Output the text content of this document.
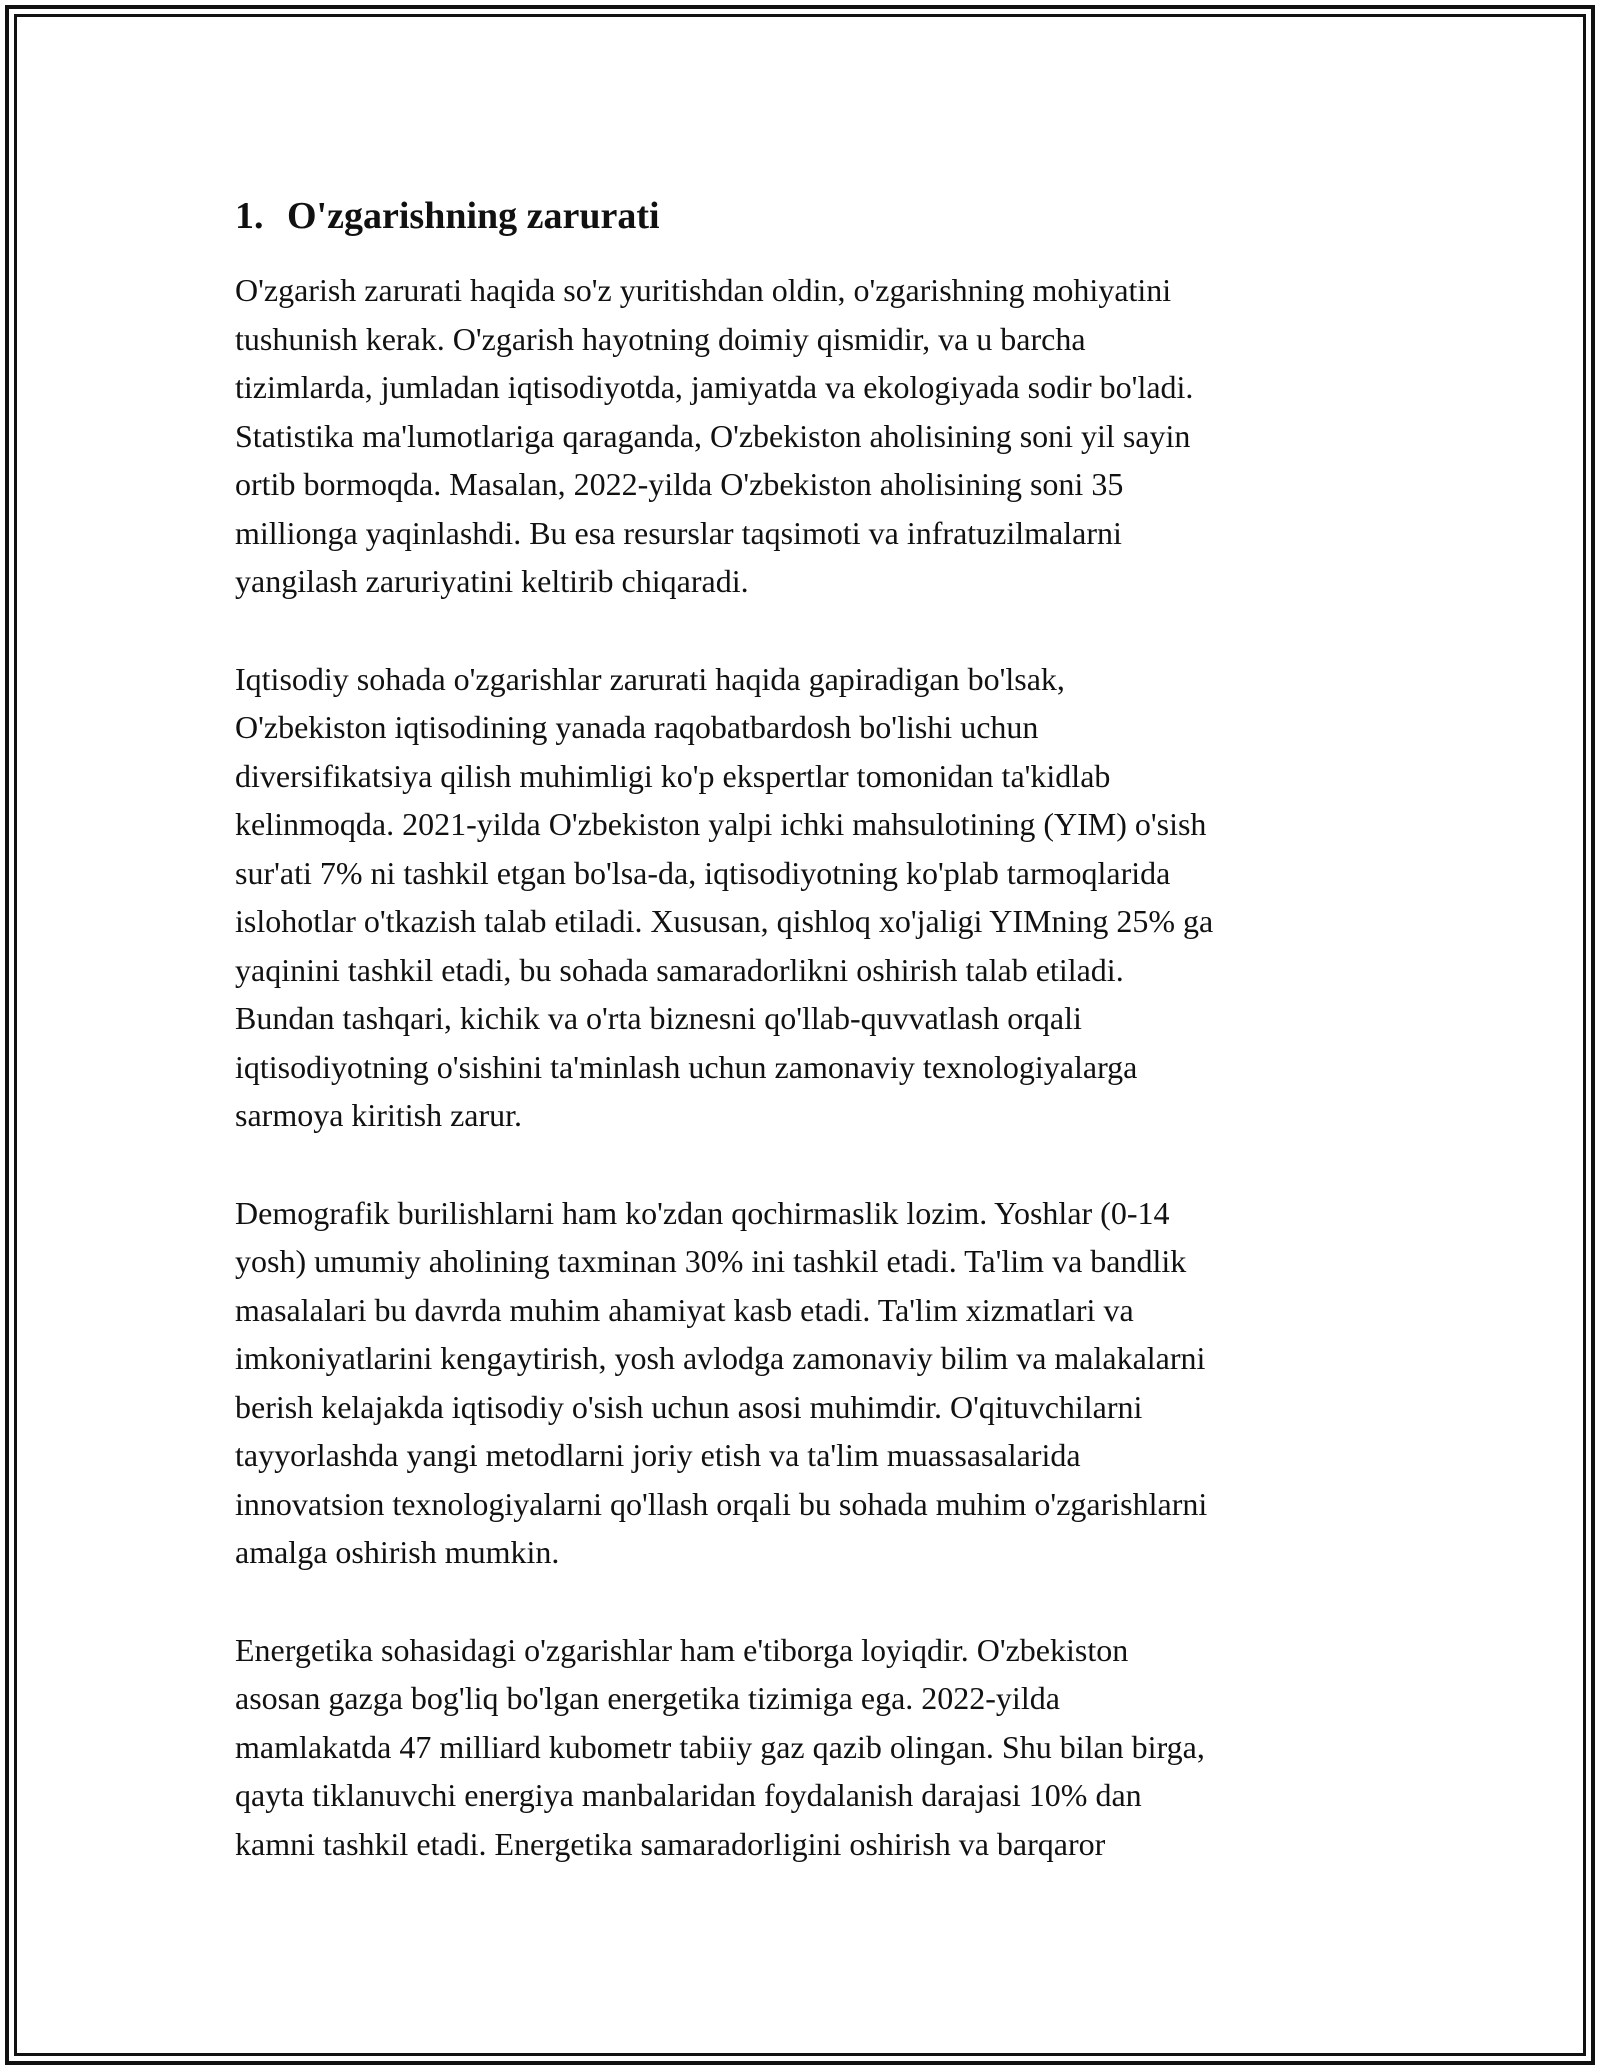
1. O'zgarishning zarurati
O'zgarish zarurati haqida so'z yuritishdan oldin, o'zgarishning mohiyatini
tushunish kerak. O'zgarish hayotning doimiy qismidir, va u barcha
tizimlarda, jumladan iqtisodiyotda, jamiyatda va ekologiyada sodir bo'ladi.
Statistika ma'lumotlariga qaraganda, O'zbekiston aholisining soni yil sayin
ortib bormoqda. Masalan, 2022-yilda O'zbekiston aholisining soni 35
millionga yaqinlashdi. Bu esa resurslar taqsimoti va infratuzilmalarni
yangilash zaruriyatini keltirib chiqaradi.
Iqtisodiy sohada o'zgarishlar zarurati haqida gapiradigan bo'lsak,
O'zbekiston iqtisodining yanada raqobatbardosh bo'lishi uchun
diversifikatsiya qilish muhimligi ko'p ekspertlar tomonidan ta'kidlab
kelinmoqda. 2021-yilda O'zbekiston yalpi ichki mahsulotining (YIM) o'sish
sur'ati 7% ni tashkil etgan bo'lsa-da, iqtisodiyotning ko'plab tarmoqlarida
islohotlar o'tkazish talab etiladi. Xususan, qishloq xo'jaligi YIMning 25% ga
yaqinini tashkil etadi, bu sohada samaradorlikni oshirish talab etiladi.
Bundan tashqari, kichik va o'rta biznesni qo'llab-quvvatlash orqali
iqtisodiyotning o'sishini ta'minlash uchun zamonaviy texnologiyalarga
sarmoya kiritish zarur.
Demografik burilishlarni ham ko'zdan qochirmaslik lozim. Yoshlar (0-14
yosh) umumiy aholining taxminan 30% ini tashkil etadi. Ta'lim va bandlik
masalalari bu davrda muhim ahamiyat kasb etadi. Ta'lim xizmatlari va
imkoniyatlarini kengaytirish, yosh avlodga zamonaviy bilim va malakalarni
berish kelajakda iqtisodiy o'sish uchun asosi muhimdir. O'qituvchilarni
tayyorlashda yangi metodlarni joriy etish va ta'lim muassasalarida
innovatsion texnologiyalarni qo'llash orqali bu sohada muhim o'zgarishlarni
amalga oshirish mumkin.
Energetika sohasidagi o'zgarishlar ham e'tiborga loyiqdir. O'zbekiston
asosan gazga bog'liq bo'lgan energetika tizimiga ega. 2022-yilda
mamlakatda 47 milliard kubometr tabiiy gaz qazib olingan. Shu bilan birga,
qayta tiklanuvchi energiya manbalaridan foydalanish darajasi 10% dan
kamni tashkil etadi. Energetika samaradorligini oshirish va barqaror
